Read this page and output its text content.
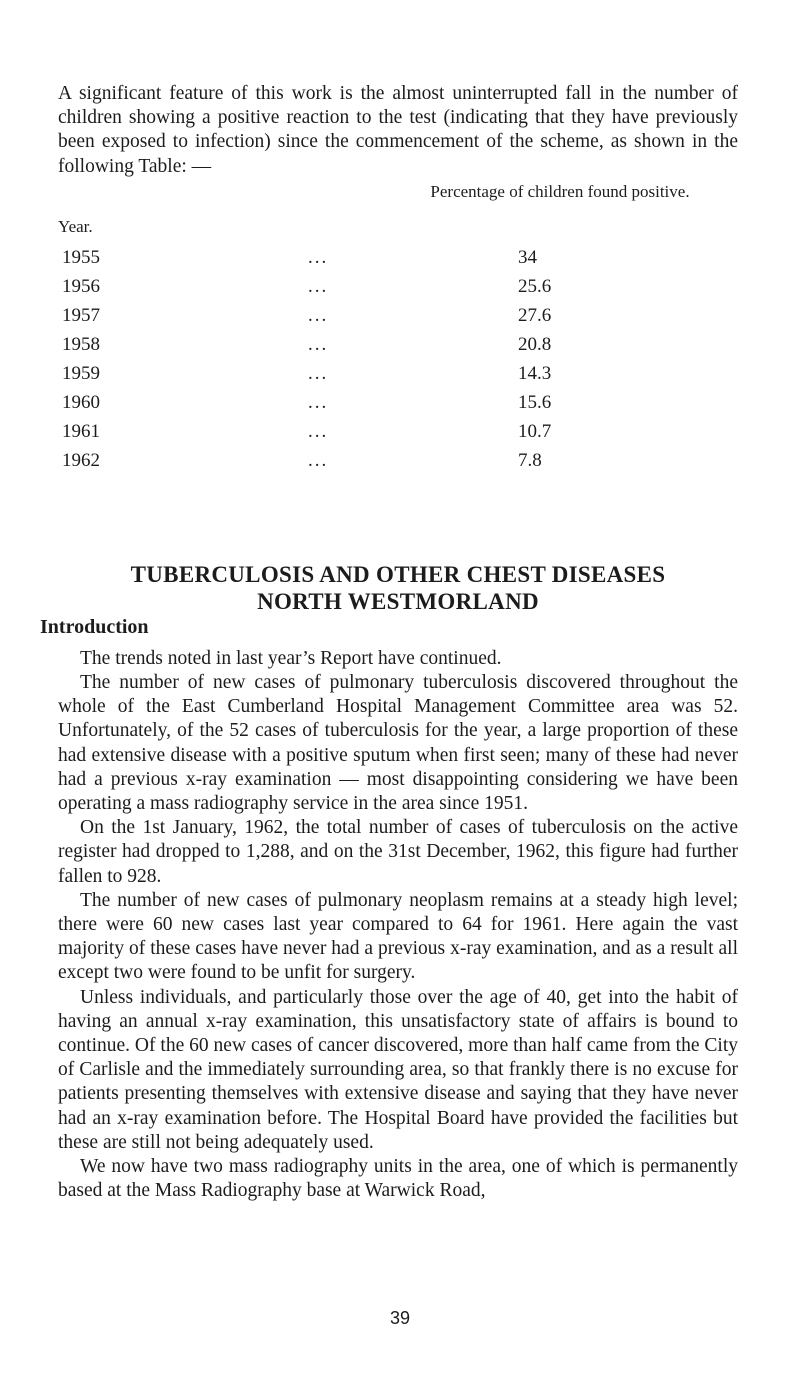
A significant feature of this work is the almost uninterrupted fall in the number of children showing a positive reaction to the test (indicating that they have previously been exposed to infection) since the commencement of the scheme, as shown in the following Table: —

Year.
Percentage of children found positive.
1955	...	34
1956	...	25.6
1957	...	27.6
1958	...	20.8
1959	...	14.3
1960	...	15.6
1961	...	10.7
1962	...	7.8
TUBERCULOSIS AND OTHER CHEST DISEASES
NORTH WESTMORLAND
Introduction

The trends noted in last year’s Report have continued.

The number of new cases of pulmonary tuberculosis discovered throughout the whole of the East Cumberland Hospital Management Committee area was 52. Unfortunately, of the 52 cases of tuberculosis for the year, a large proportion of these had extensive disease with a positive sputum when first seen; many of these had never had a previous x-ray examination — most disappointing considering we have been operating a mass radiography service in the area since 1951.

On the 1st January, 1962, the total number of cases of tuberculosis on the active register had dropped to 1,288, and on the 31st December, 1962, this figure had further fallen to 928.

The number of new cases of pulmonary neoplasm remains at a steady high level; there were 60 new cases last year compared to 64 for 1961. Here again the vast majority of these cases have never had a previous x-ray examination, and as a result all except two were found to be unfit for surgery.

Unless individuals, and particularly those over the age of 40, get into the habit of having an annual x-ray examination, this unsatisfactory state of affairs is bound to continue. Of the 60 new cases of cancer discovered, more than half came from the City of Carlisle and the immediately surrounding area, so that frankly there is no excuse for patients presenting themselves with extensive disease and saying that they have never had an x-ray examination before. The Hospital Board have provided the facilities but these are still not being adequately used.

We now have two mass radiography units in the area, one of which is permanently based at the Mass Radiography base at Warwick Road,

39
